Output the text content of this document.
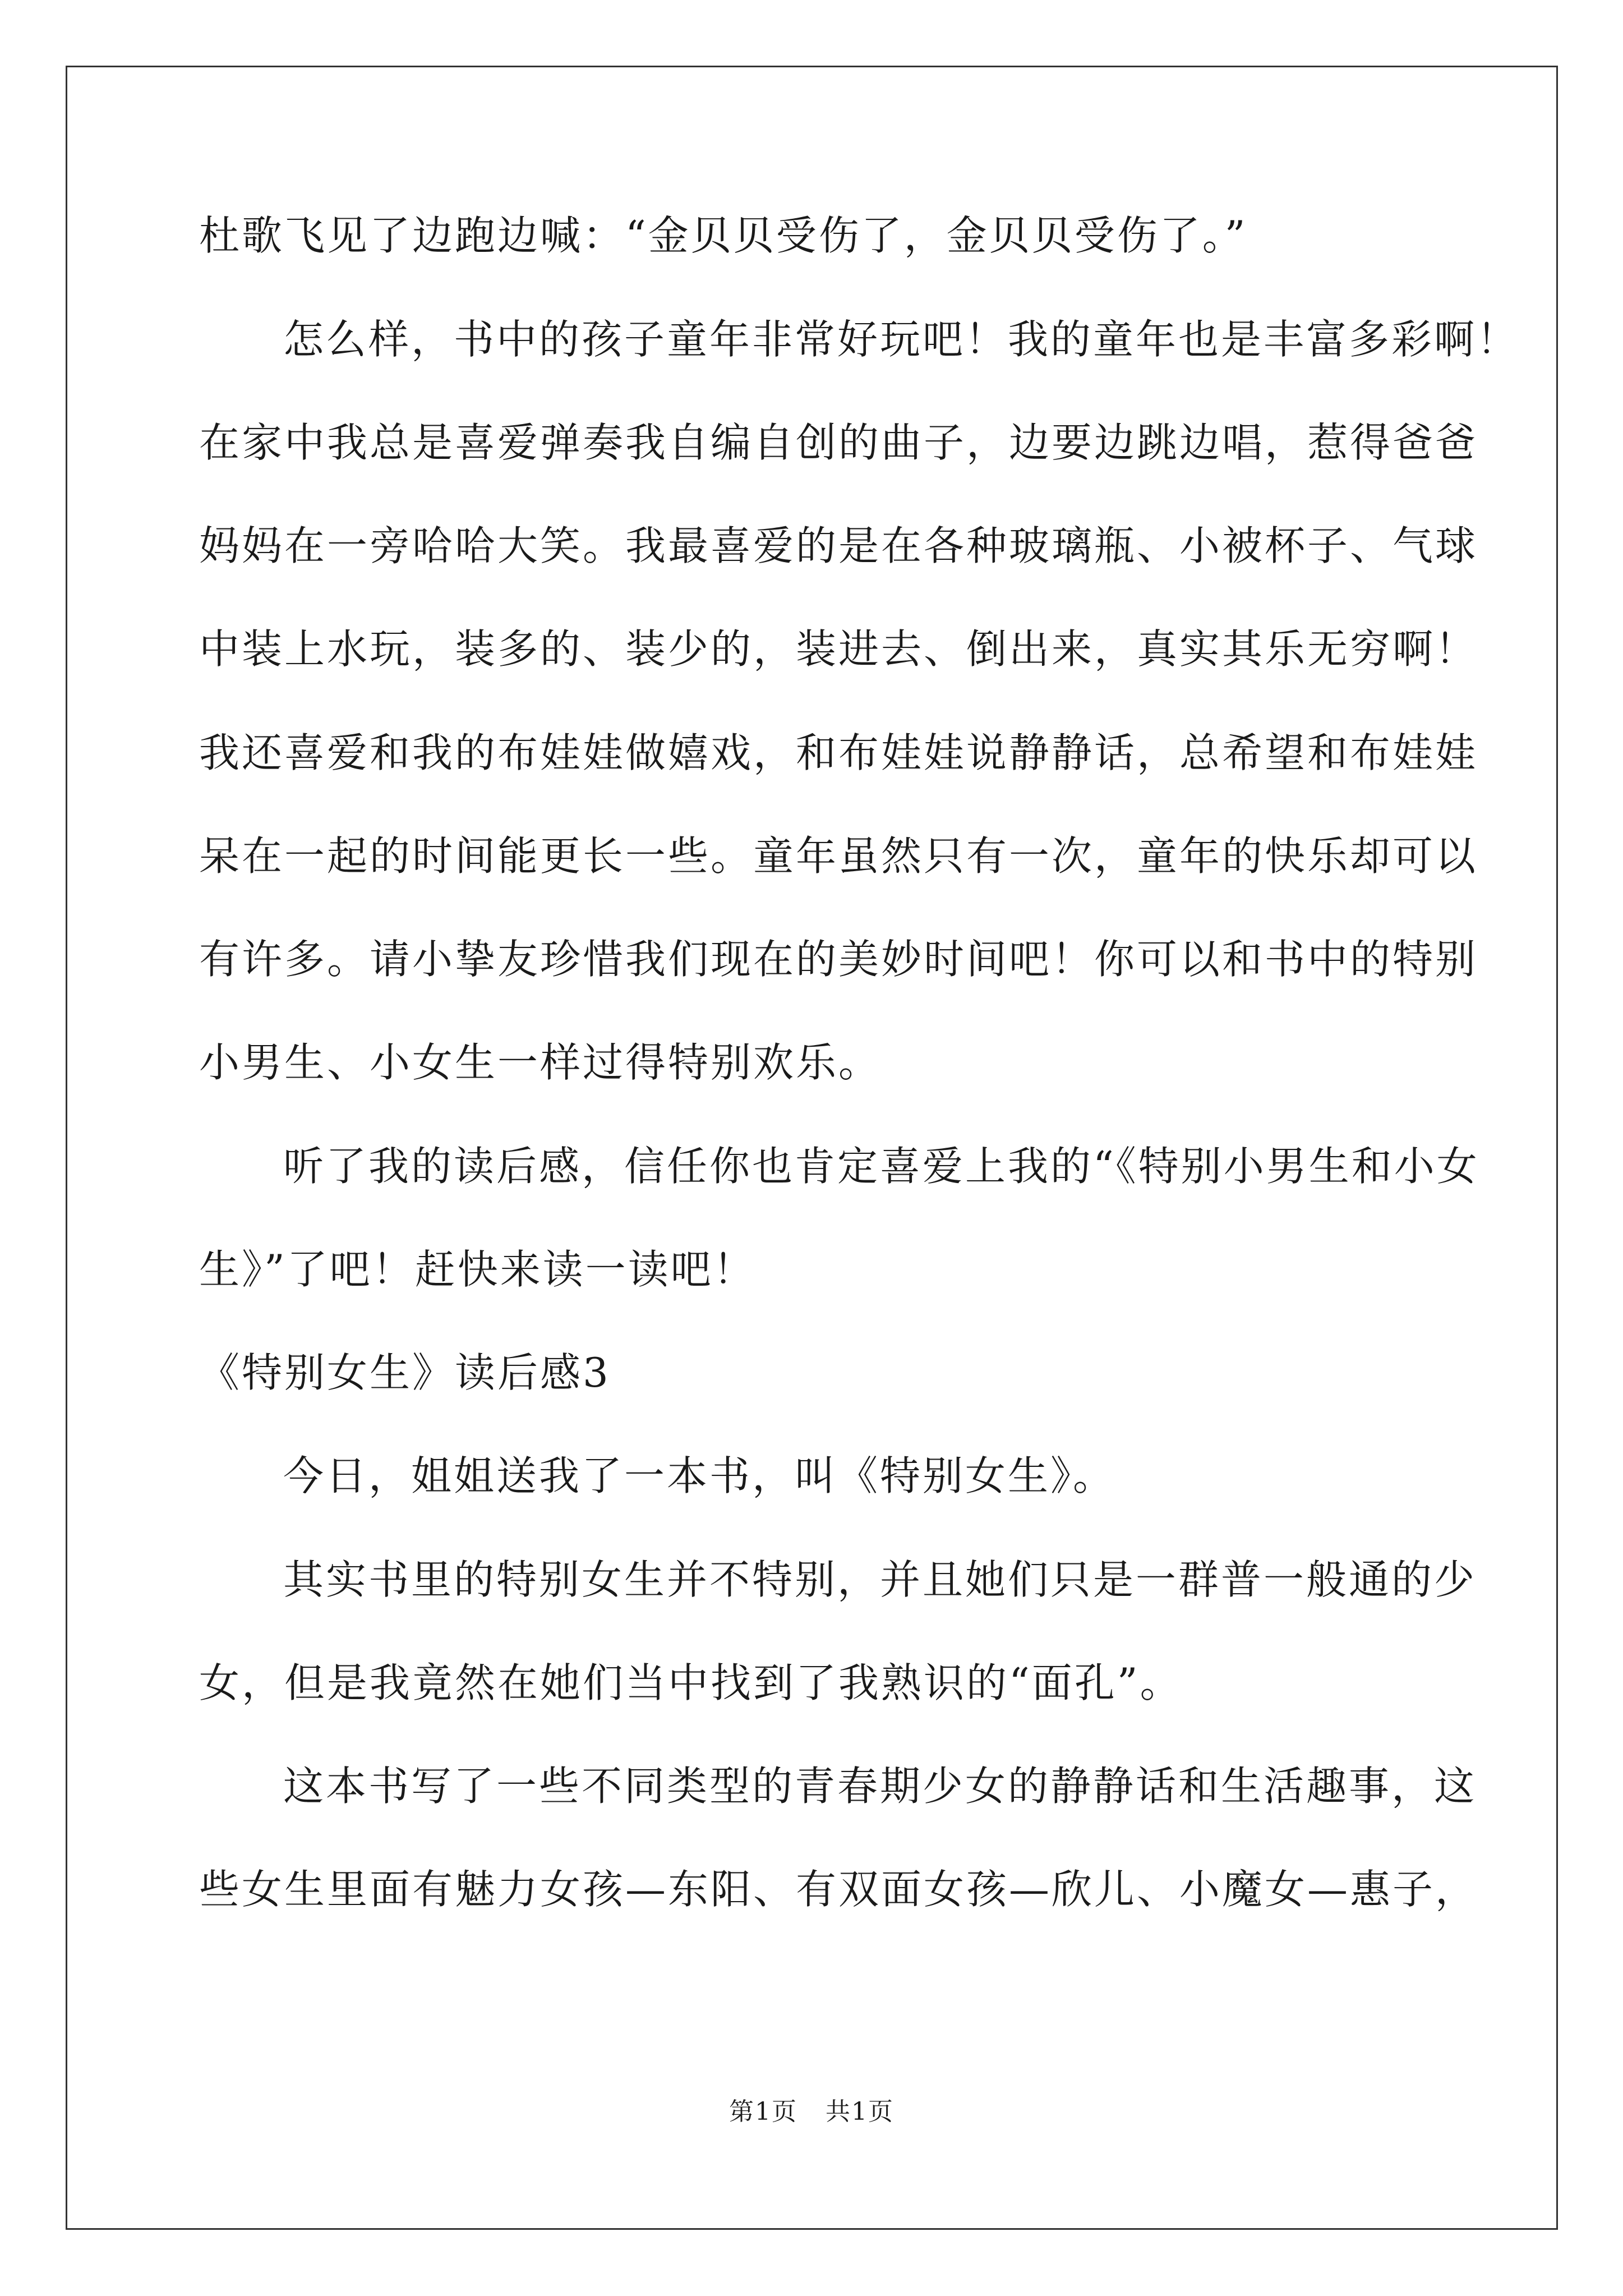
杜歌飞见了边跑边喊：“金贝贝受伤了，金贝贝受伤了。”
怎么样，书中的孩子童年非常好玩吧！我的童年也是丰富多彩啊！
在家中我总是喜爱弹奏我自编自创的曲子，边要边跳边唱，惹得爸爸
妈妈在一旁哈哈大笑。我最喜爱的是在各种玻璃瓶、小被杯子、气球
中装上水玩，装多的、装少的，装进去、倒出来，真实其乐无穷啊！
我还喜爱和我的布娃娃做嬉戏，和布娃娃说静静话，总希望和布娃娃
呆在一起的时间能更长一些。童年虽然只有一次，童年的快乐却可以
有许多。请小挚友珍惜我们现在的美妙时间吧！你可以和书中的特别
小男生、小女生一样过得特别欢乐。
听了我的读后感，信任你也肯定喜爱上我的“《特别小男生和小女
生》”了吧！赶快来读一读吧！
《特别女生》读后感3
今日，姐姐送我了一本书，叫《特别女生》。
其实书里的特别女生并不特别，并且她们只是一群普一般通的少
女，但是我竟然在她们当中找到了我熟识的“面孔”。
这本书写了一些不同类型的青春期少女的静静话和生活趣事，这
些女生里面有魅力女孩—东阳、有双面女孩—欣儿、小魔女—惠子，
第1页 共1页
